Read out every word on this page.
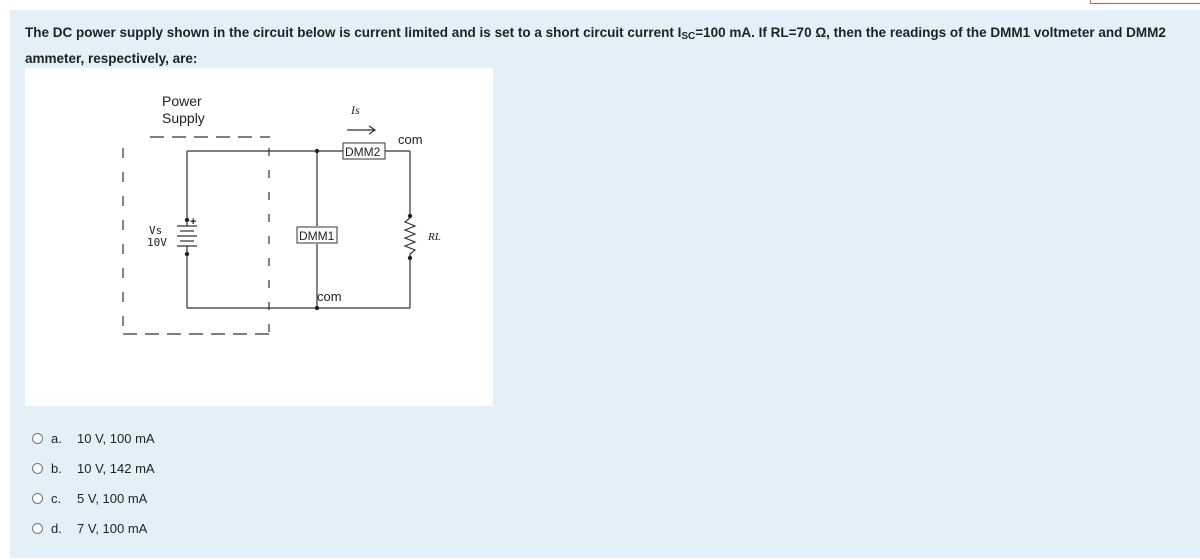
The DC power supply shown in the circuit below is current limited and is set to a short circuit current $I_{SC}=100$ mA. If RL=70 Ω, then the readings of the DMM1 voltmeter and DMM2 ammeter, respectively, are:
Power
Supply
DMM2
DMM1
Is
com
com
Vs
10V
+
RL
a.	10 V, 100 mA
b.	10 V, 142 mA
c.	5 V, 100 mA
d.	7 V, 100 mA
